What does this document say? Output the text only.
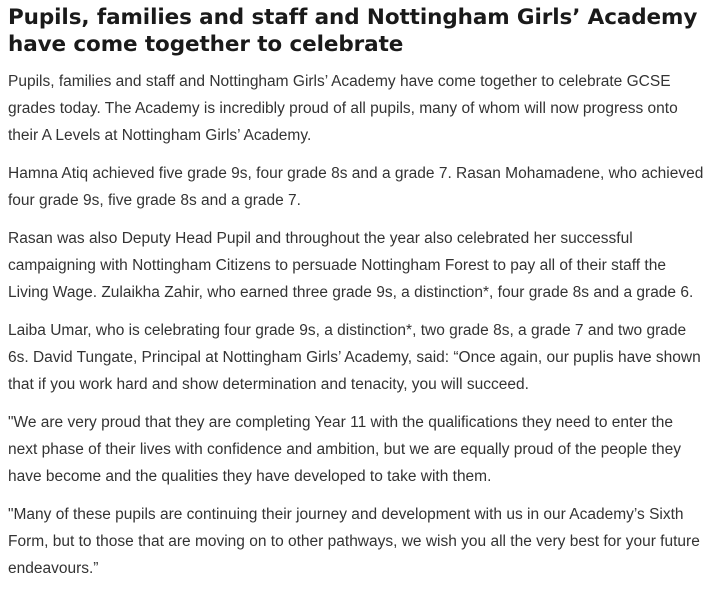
Pupils, families and staff and Nottingham Girls’ Academy have come together to celebrate

Pupils, families and staff and Nottingham Girls’ Academy have come together to celebrate GCSE grades today. The Academy is incredibly proud of all pupils, many of whom will now progress onto their A Levels at Nottingham Girls’ Academy.

Hamna Atiq achieved five grade 9s, four grade 8s and a grade 7. Rasan Mohamadene, who achieved four grade 9s, five grade 8s and a grade 7.

Rasan was also Deputy Head Pupil and throughout the year also celebrated her successful campaigning with Nottingham Citizens to persuade Nottingham Forest to pay all of their staff the Living Wage. Zulaikha Zahir, who earned three grade 9s, a distinction*, four grade 8s and a grade 6.

Laiba Umar, who is celebrating four grade 9s, a distinction*, two grade 8s, a grade 7 and two grade 6s. David Tungate, Principal at Nottingham Girls’ Academy, said: “Once again, our puplis have shown that if you work hard and show determination and tenacity, you will succeed.

"We are very proud that they are completing Year 11 with the qualifications they need to enter the next phase of their lives with confidence and ambition, but we are equally proud of the people they have become and the qualities they have developed to take with them.

"Many of these pupils are continuing their journey and development with us in our Academy’s Sixth Form, but to those that are moving on to other pathways, we wish you all the very best for your future endeavours.”
